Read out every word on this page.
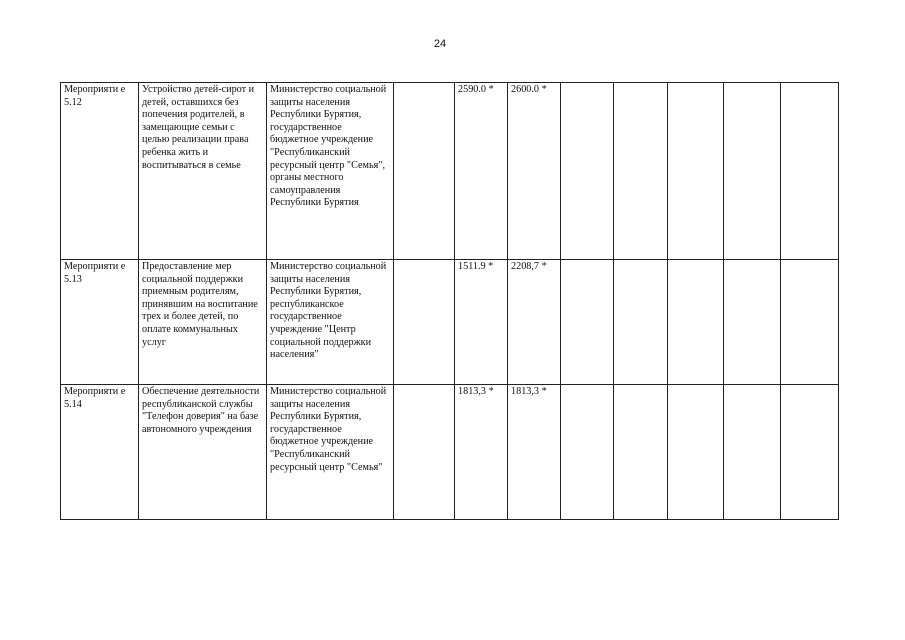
24
Мероприяти е 5.12	Устройство детей-сирот и детей, оставшихся без попечения родителей, в замещающие семьи с целью реализации права ребенка жить и воспитываться в семье	Министерство социальной защиты населения Республики Бурятия, государственное бюджетное учреждение "Республиканский ресурсный центр "Семья", органы местного самоуправления Республики Бурятия		2590.0 *	2600.0 *					
Мероприяти е 5.13	Предоставление мер социальной поддержки приемным родителям, принявшим на воспитание трех и более детей, по оплате коммунальных услуг	Министерство социальной защиты населения Республики Бурятия, республиканское государственное учреждение "Центр социальной поддержки населения"		1511.9 *	2208,7 *					
Мероприяти е 5.14	Обеспечение деятельности республиканской службы "Телефон доверия" на базе автономного учреждения	Министерство социальной защиты населения Республики Бурятия, государственное бюджетное учреждение "Республиканский ресурсный центр "Семья"		1813,3 *	1813,3 *					
